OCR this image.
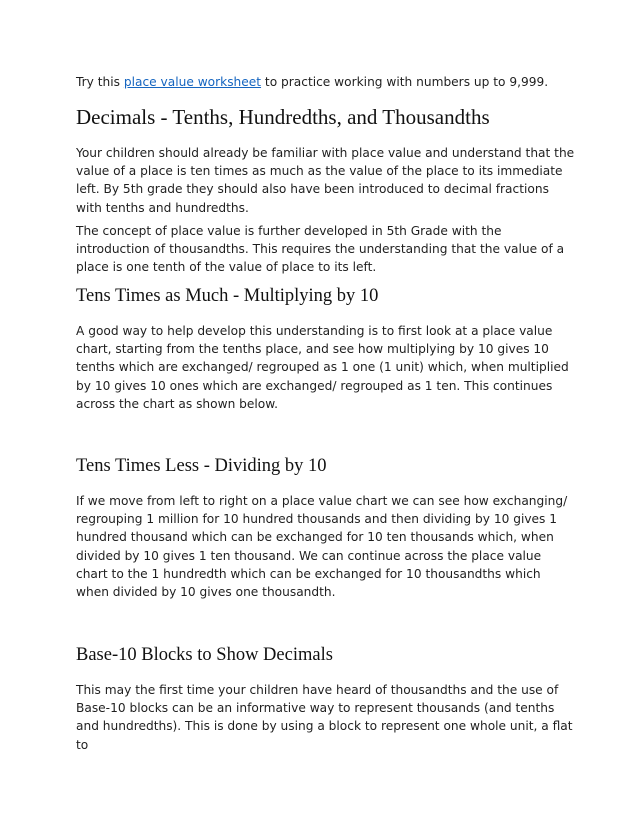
Try this place value worksheet to practice working with numbers up to 9,999.

Decimals - Tenths, Hundredths, and Thousandths

Your children should already be familiar with place value and understand that the value of a place is ten times as much as the value of the place to its immediate left. By 5th grade they should also have been introduced to decimal fractions with tenths and hundredths.

The concept of place value is further developed in 5th Grade with the introduction of thousandths. This requires the understanding that the value of a place is one tenth of the value of place to its left.

Tens Times as Much - Multiplying by 10

A good way to help develop this understanding is to first look at a place value chart, starting from the tenths place, and see how multiplying by 10 gives 10 tenths which are exchanged/ regrouped as 1 one (1 unit) which, when multiplied by 10 gives 10 ones which are exchanged/ regrouped as 1 ten. This continues across the chart as shown below.

Tens Times Less - Dividing by 10

If we move from left to right on a place value chart we can see how exchanging/ regrouping 1 million for 10 hundred thousands and then dividing by 10 gives 1 hundred thousand which can be exchanged for 10 ten thousands which, when divided by 10 gives 1 ten thousand. We can continue across the place value chart to the 1 hundredth which can be exchanged for 10 thousandths which when divided by 10 gives one thousandth.

Base-10 Blocks to Show Decimals

This may the first time your children have heard of thousandths and the use of Base-10 blocks can be an informative way to represent thousands (and tenths and hundredths). This is done by using a block to represent one whole unit, a flat to
